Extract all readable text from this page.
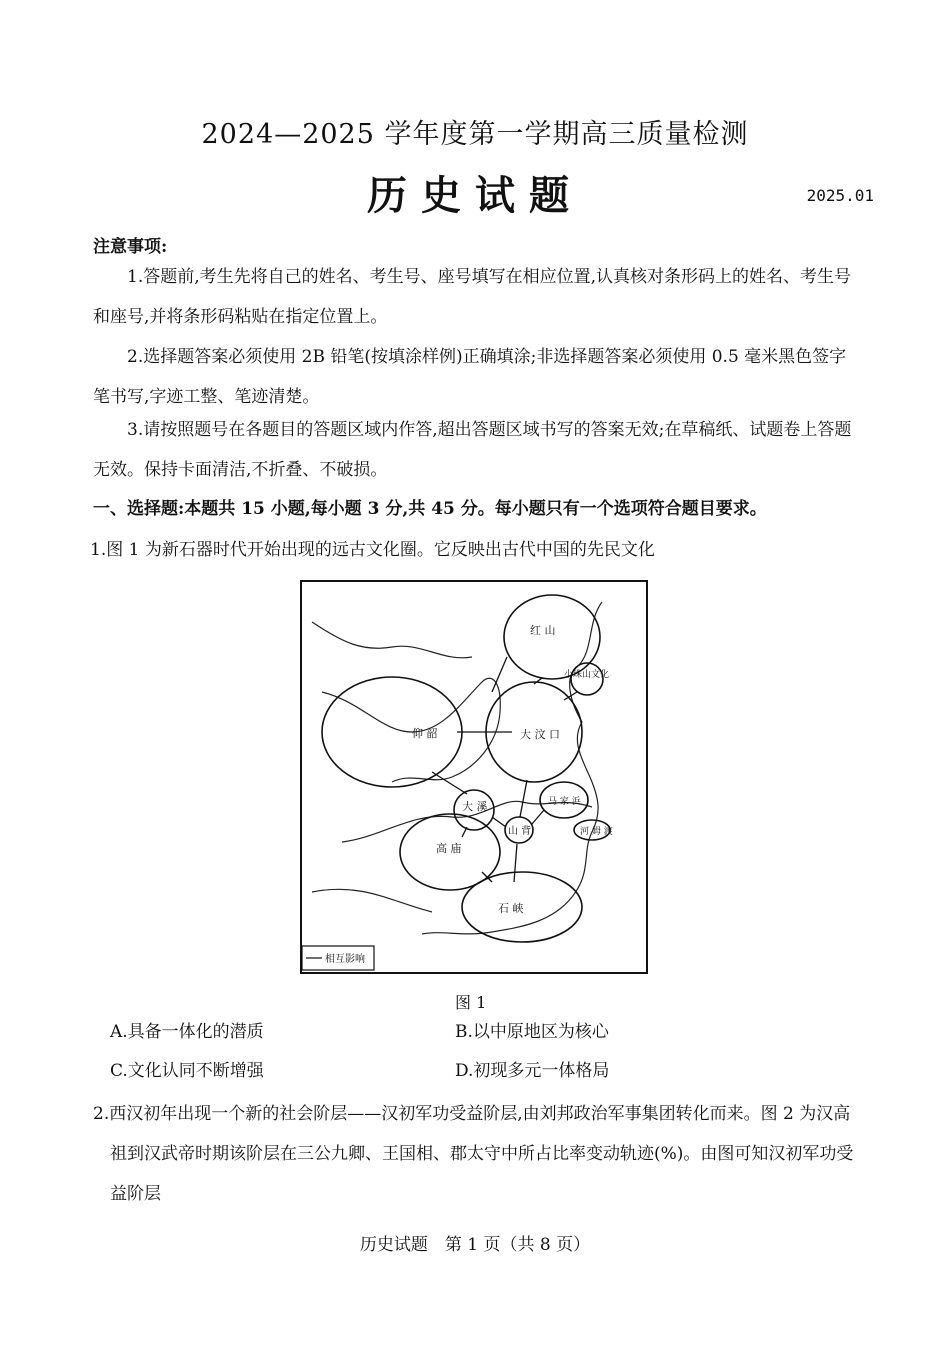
2024—2025 学年度第一学期高三质量检测
历史试题	2025.01
注意事项:
1.答题前,考生先将自己的姓名、考生号、座号填写在相应位置,认真核对条形码上的姓名、考生号和座号,并将条形码粘贴在指定位置上。
2.选择题答案必须使用 2B 铅笔(按填涂样例)正确填涂;非选择题答案必须使用 0.5 毫米黑色签字笔书写,字迹工整、笔迹清楚。
3.请按照题号在各题目的答题区域内作答,超出答题区域书写的答案无效;在草稿纸、试题卷上答题无效。保持卡面清洁,不折叠、不破损。
一、选择题:本题共 15 小题,每小题 3 分,共 45 分。每小题只有一个选项符合题目要求。
1.图 1 为新石器时代开始出现的远古文化圈。它反映出古代中国的先民文化
红 山
小珠山文化
仰 韶	大 汶 口
大 溪	马 家 浜
河 姆 渡
山 背
高 庙
石 峡
相互影响
图 1
A.具备一体化的潜质	B.以中原地区为核心
C.文化认同不断增强	D.初现多元一体格局
2.西汉初年出现一个新的社会阶层——汉初军功受益阶层,由刘邦政治军事集团转化而来。图 2 为汉高祖到汉武帝时期该阶层在三公九卿、王国相、郡太守中所占比率变动轨迹(%)。由图可知汉初军功受益阶层
历史试题　第 1 页（共 8 页）
